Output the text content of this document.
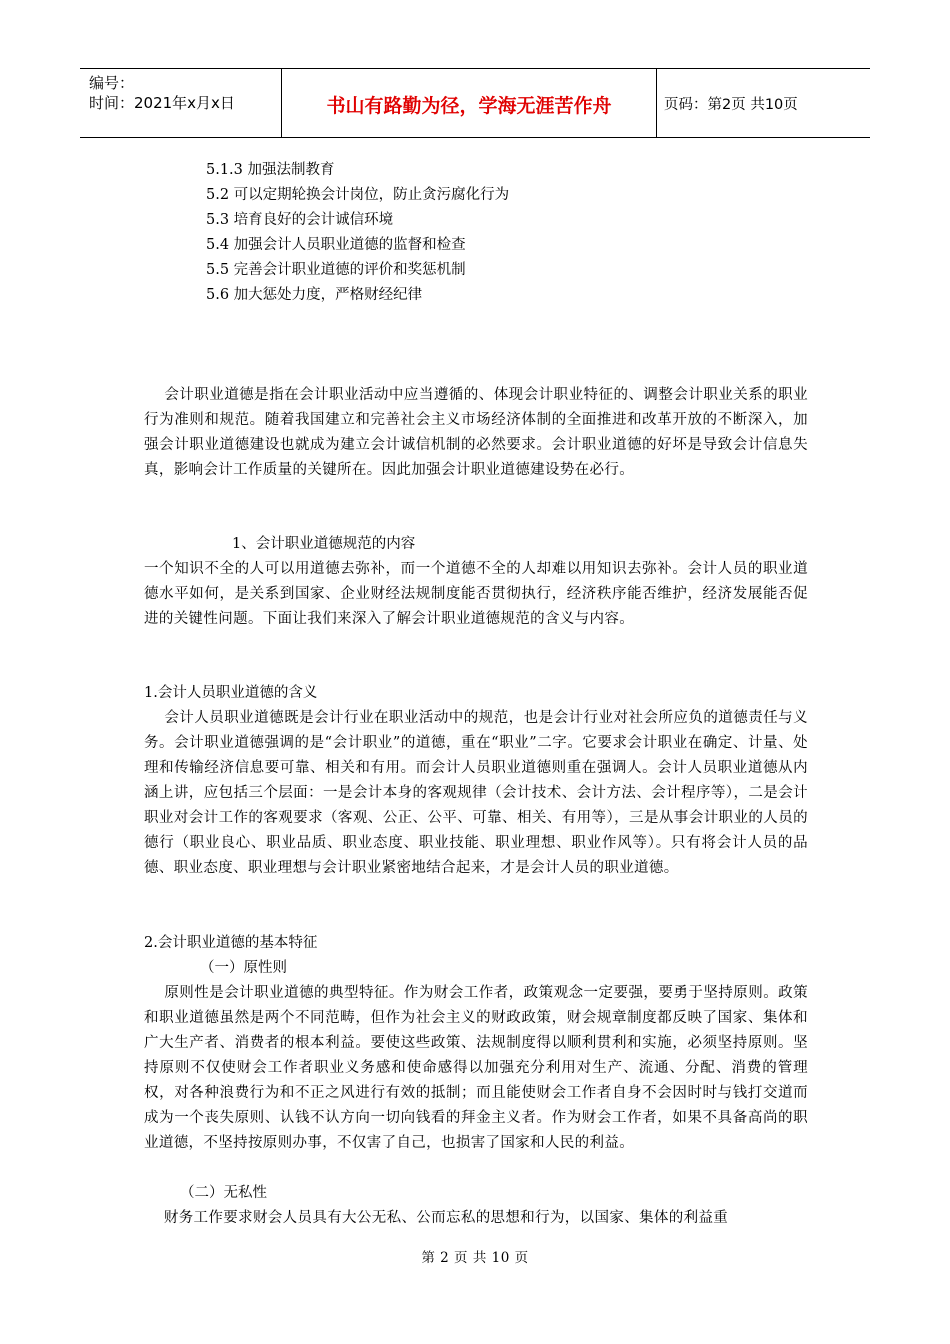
编号：
时间：2021年x月x日	书山有路勤为径，学海无涯苦作舟	页码：第2页 共10页
5.1.3 加强法制教育
5.2 可以定期轮换会计岗位，防止贪污腐化行为
5.3 培育良好的会计诚信环境
5.4 加强会计人员职业道德的监督和检查
5.5 完善会计职业道德的评价和奖惩机制
5.6 加大惩处力度，严格财经纪律
会计职业道德是指在会计职业活动中应当遵循的、体现会计职业特征的、调整会计职业关系的职业行为准则和规范。随着我国建立和完善社会主义市场经济体制的全面推进和改革开放的不断深入，加强会计职业道德建设也就成为建立会计诚信机制的必然要求。会计职业道德的好坏是导致会计信息失真，影响会计工作质量的关键所在。因此加强会计职业道德建设势在必行。
1、会计职业道德规范的内容
一个知识不全的人可以用道德去弥补，而一个道德不全的人却难以用知识去弥补。会计人员的职业道德水平如何，是关系到国家、企业财经法规制度能否贯彻执行，经济秩序能否维护，经济发展能否促进的关键性问题。下面让我们来深入了解会计职业道德规范的含义与内容。
1.会计人员职业道德的含义
会计人员职业道德既是会计行业在职业活动中的规范，也是会计行业对社会所应负的道德责任与义务。会计职业道德强调的是“会计职业”的道德，重在“职业”二字。它要求会计职业在确定、计量、处理和传输经济信息要可靠、相关和有用。而会计人员职业道德则重在强调人。会计人员职业道德从内涵上讲，应包括三个层面：一是会计本身的客观规律（会计技术、会计方法、会计程序等），二是会计职业对会计工作的客观要求（客观、公正、公平、可靠、相关、有用等），三是从事会计职业的人员的德行（职业良心、职业品质、职业态度、职业技能、职业理想、职业作风等）。只有将会计人员的品德、职业态度、职业理想与会计职业紧密地结合起来，才是会计人员的职业道德。
2.会计职业道德的基本特征
（一）原性则
原则性是会计职业道德的典型特征。作为财会工作者，政策观念一定要强，要勇于坚持原则。政策和职业道德虽然是两个不同范畴，但作为社会主义的财政政策，财会规章制度都反映了国家、集体和广大生产者、消费者的根本利益。要使这些政策、法规制度得以顺利贯利和实施，必须坚持原则。坚持原则不仅使财会工作者职业义务感和使命感得以加强充分利用对生产、流通、分配、消费的管理权，对各种浪费行为和不正之风进行有效的抵制；而且能使财会工作者自身不会因时时与钱打交道而成为一个丧失原则、认钱不认方向一切向钱看的拜金主义者。作为财会工作者，如果不具备高尚的职业道德，不坚持按原则办事，不仅害了自己，也损害了国家和人民的利益。
（二）无私性
财务工作要求财会人员具有大公无私、公而忘私的思想和行为，以国家、集体的利益重
第 2 页 共 10 页
